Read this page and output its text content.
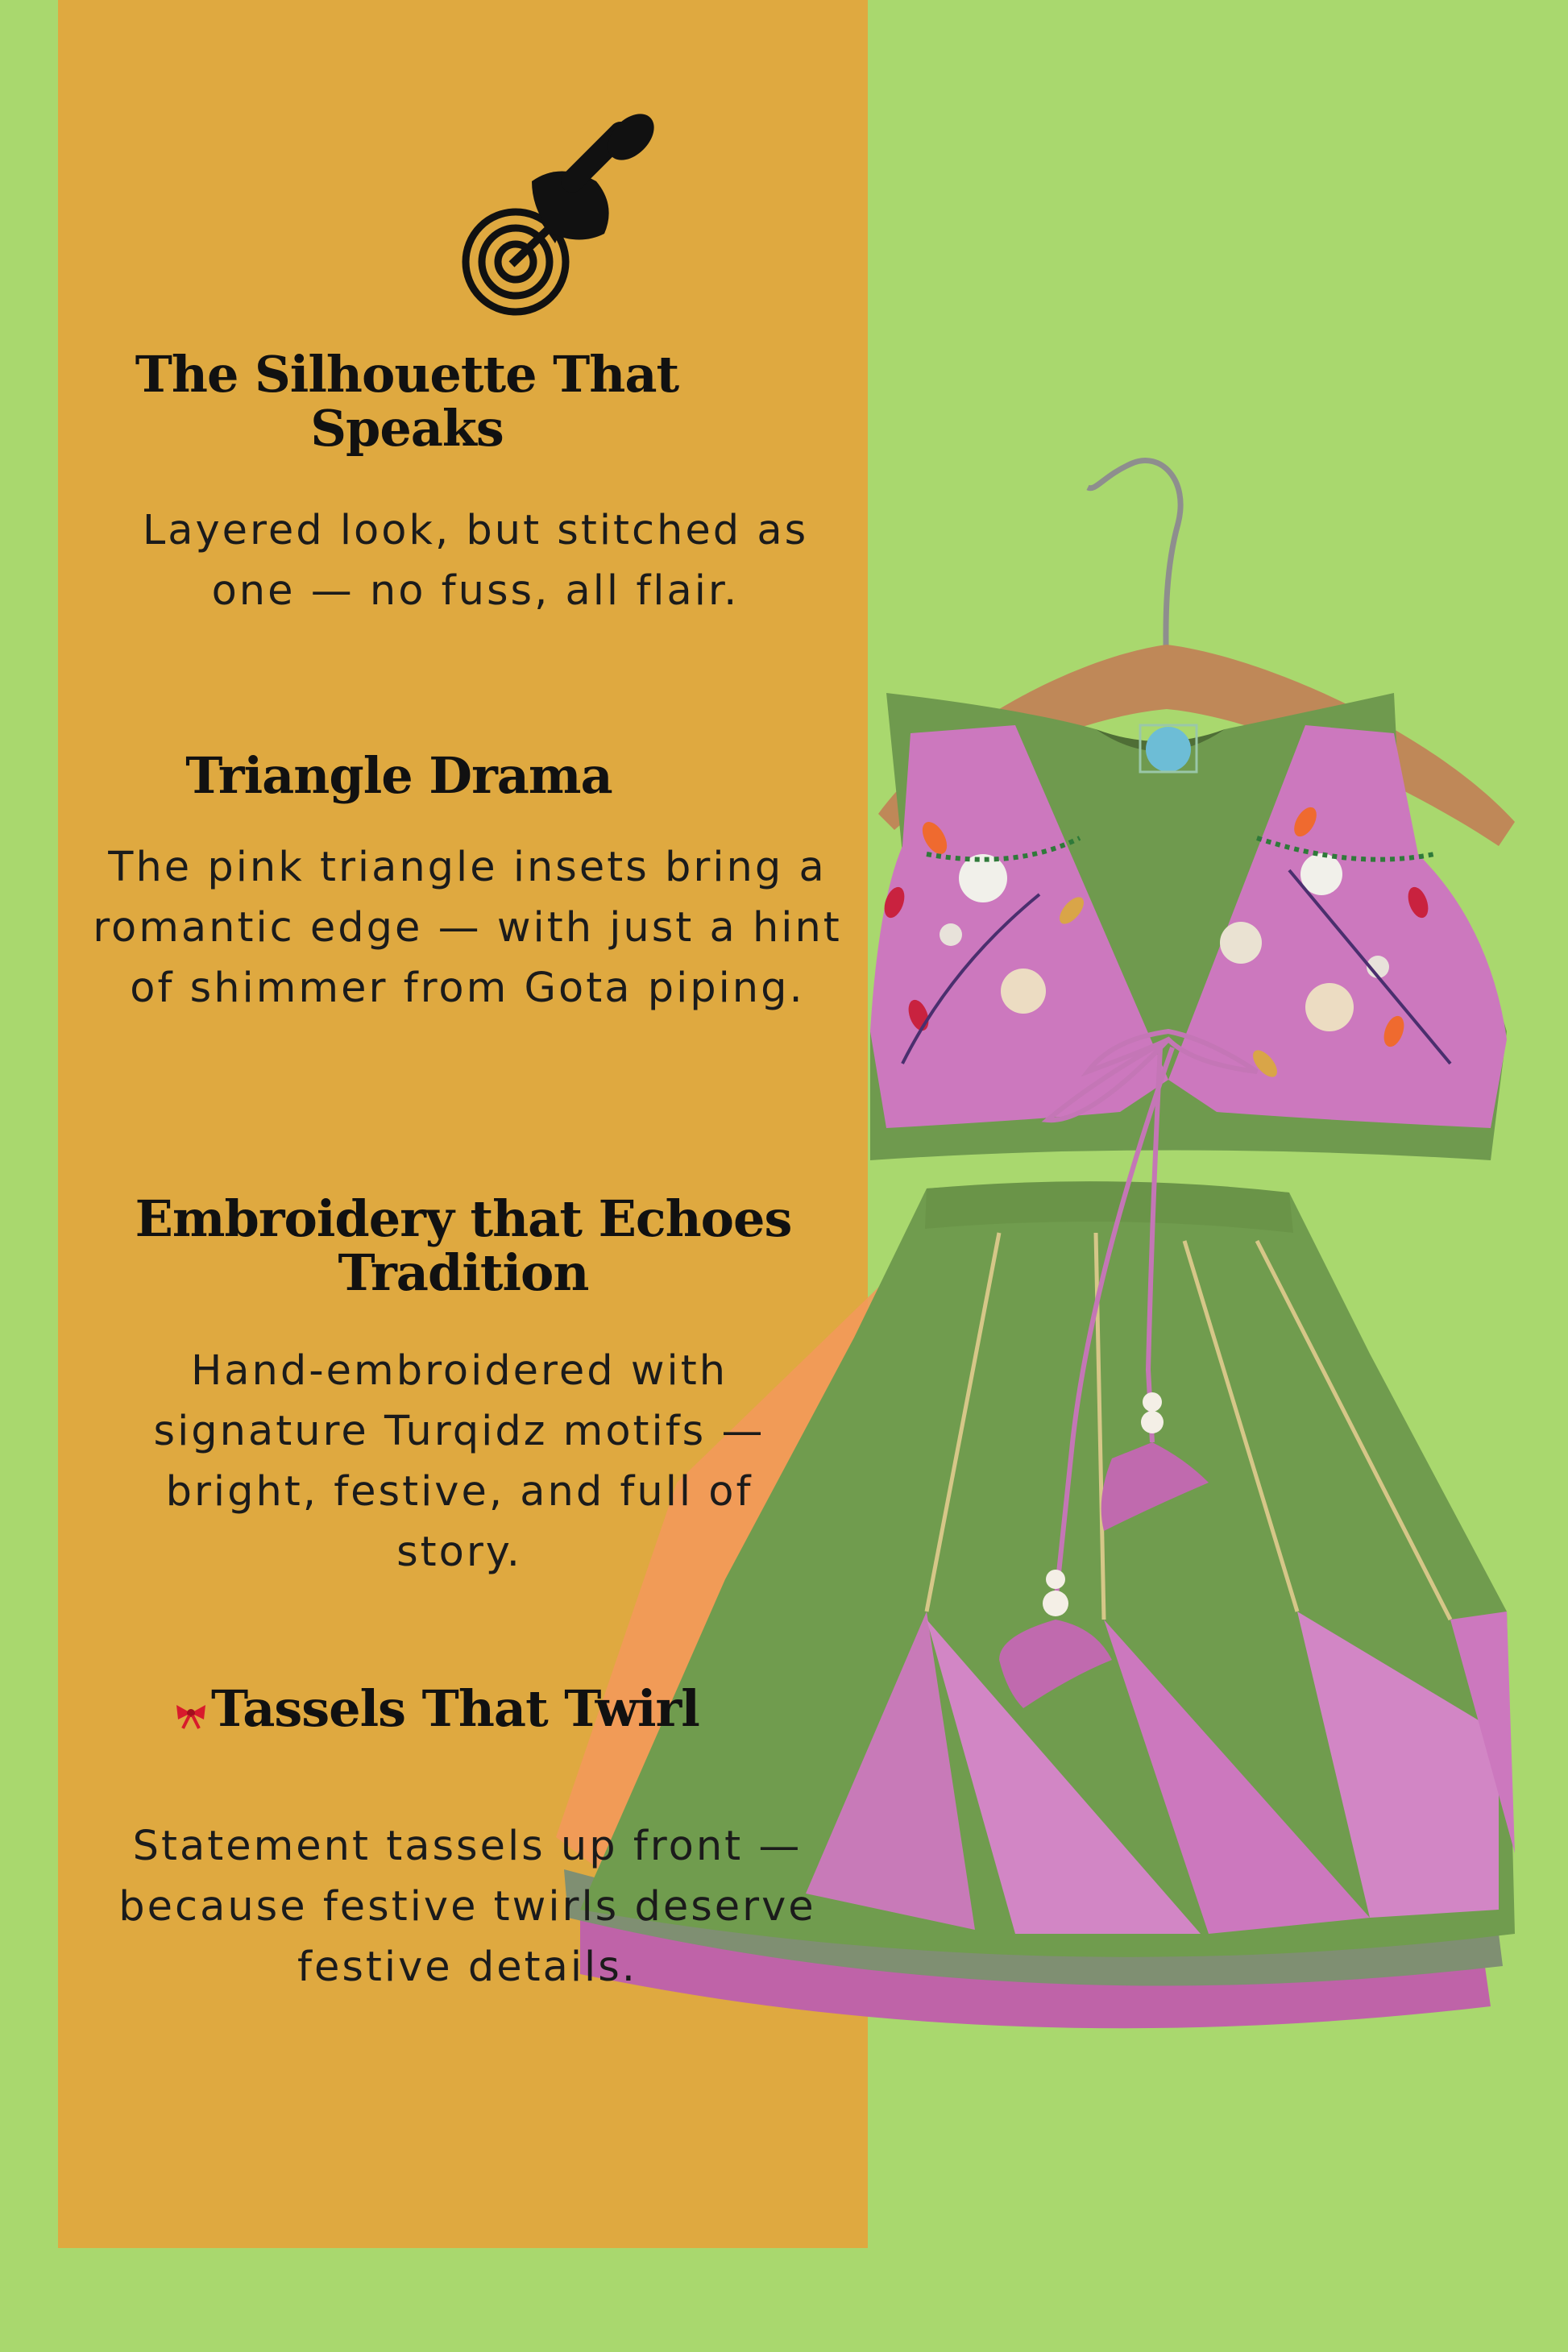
The Silhouette That
Speaks

Layered look, but stitched as one — no fuss, all flair.

Triangle Drama

The pink triangle insets bring a romantic edge — with just a hint of shimmer from Gota piping.

Embroidery that Echoes
Tradition

Hand-embroidered with signature Turqidz motifs — bright, festive, and full of story.

Tassels That Twirl

Statement tassels up front — because festive twirls deserve festive details.
